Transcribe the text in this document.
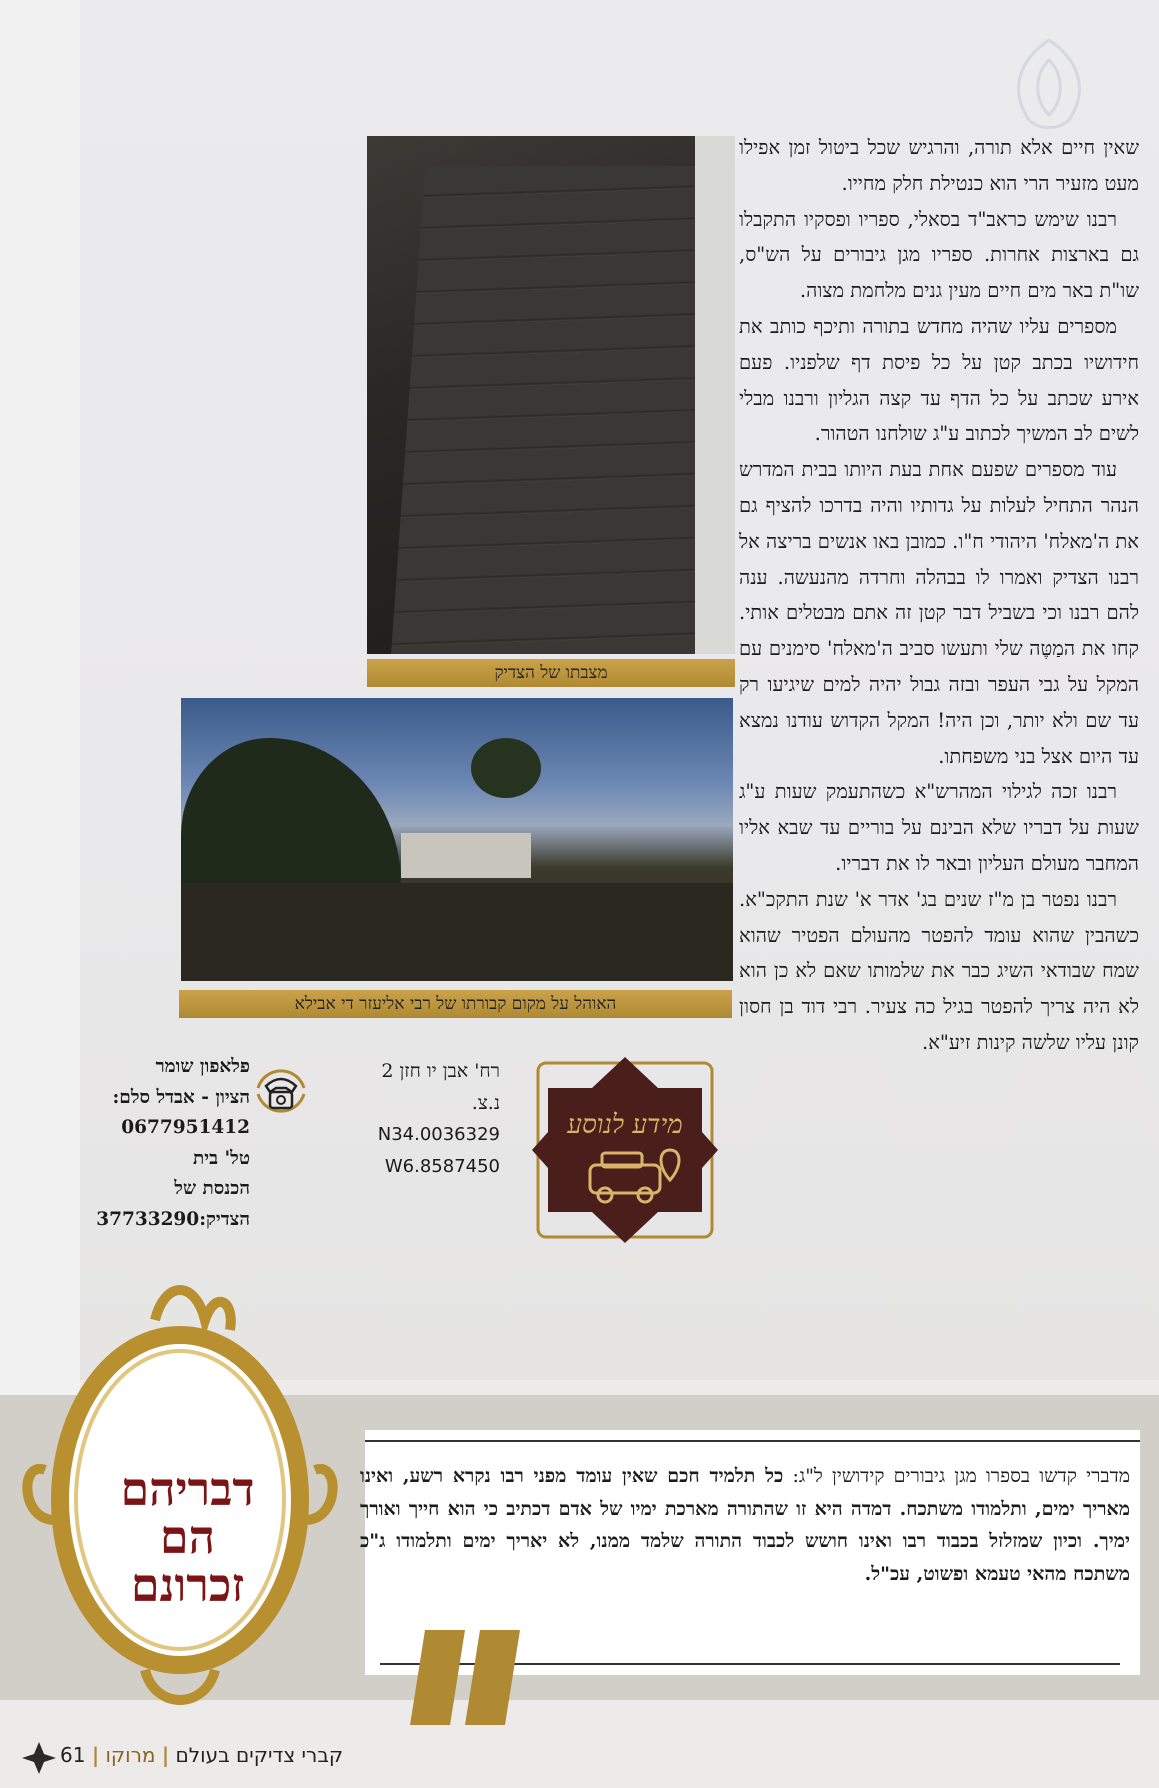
שאין חיים אלא תורה, והרגיש שכל ביטול זמן אפילו מעט מזעיר הרי הוא כנטילת חלק מחייו.

רבנו שימש כראב"ד בסאלי, ספריו ופסקיו התקבלו גם בארצות אחרות. ספריו מגן גיבורים על הש"ס, שו"ת באר מים חיים מעין גנים מלחמת מצוה.

מספרים עליו שהיה מחדש בתורה ותיכף כותב את חידושיו בכתב קטן על כל פיסת דף שלפניו. פעם אירע שכתב על כל הדף עד קצה הגליון ורבנו מבלי לשים לב המשיך לכתוב ע"ג שולחנו הטהור.

עוד מספרים שפעם אחת בעת היותו בבית המדרש הנהר התחיל לעלות על גדותיו והיה בדרכו להציף גם את ה'מאלח' היהודי ח"ו. כמובן באו אנשים בריצה אל רבנו הצדיק ואמרו לו בבהלה וחרדה מהנעשה. ענה להם רבנו וכי בשביל דבר קטן זה אתם מבטלים אותי. קחו את המַטֶּה שלי ותעשו סביב ה'מאלח' סימנים עם המקל על גבי העפר ובזה גבול יהיה למים שיגיעו רק עד שם ולא יותר, וכן היה! המקל הקדוש עודנו נמצא עד היום אצל בני משפחתו.

רבנו זכה לגילוי המהרש"א כשהתעמק שעות ע"ג שעות על דבריו שלא הבינם על בוריים עד שבא אליו המחבר מעולם העליון ובאר לו את דבריו.

רבנו נפטר בן מ"ז שנים בג' אדר א' שנת התקכ"א. כשהבין שהוא עומד להפטר מהעולם הפטיר שהוא שמח שבודאי השיג כבר את שלמותו שאם לא כן הוא לא היה צריך להפטר בגיל כה צעיר. רבי דוד בן חסון קונן עליו שלשה קינות זיע"א.

מצבתו של הצדיק
האוהל על מקום קבורתו של רבי אליעזר די אבילא
מידע לנוסע
רח' אבן יו חזן 2
נ.צ.
N34.0036329
W6.8587450
פלאפון שומר
הציון - אבדל סלם:
0677951412
טל' בית
הכנסת של
הצדיק:37733290
מדברי קדשו בספרו מגן גיבורים קידושין ל"ג: כל תלמיד חכם שאין עומד מפני רבו נקרא רשע, ואינו מאריך ימים, ותלמודו משתכח. דמדה היא זו שהתורה מארכת ימיו של אדם דכתיב כי הוא חייך ואורך ימיך. וכיון שמזלזל בכבוד רבו ואינו חושש לכבוד התורה שלמד ממנו, לא יאריך ימים ותלמודו ג"כ משתכח מהאי טעמא ופשוט, עכ"ל.
דבריהם
הם
זכרונם
קברי צדיקים בעולם | מרוקו | 61
